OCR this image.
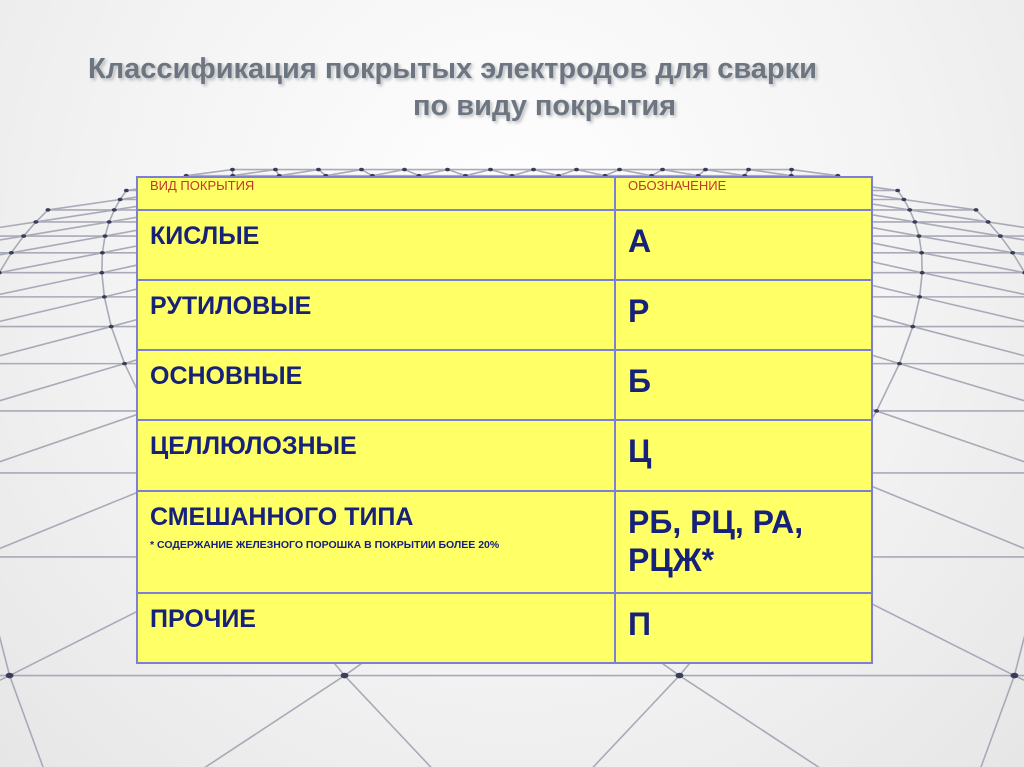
Классификация покрытых электродов для сварки
по виду покрытия
ВИД ПОКРЫТИЯ	ОБОЗНАЧЕНИЕ

КИСЛЫЕ	А

РУТИЛОВЫЕ	Р

ОСНОВНЫЕ	Б

ЦЕЛЛЮЛОЗНЫЕ	Ц

СМЕШАННОГО ТИПА
* СОДЕРЖАНИЕ ЖЕЛЕЗНОГО ПОРОШКА В ПОКРЫТИИ БОЛЕЕ 20%	РБ, РЦ, РА, РЦЖ*

ПРОЧИЕ	П
